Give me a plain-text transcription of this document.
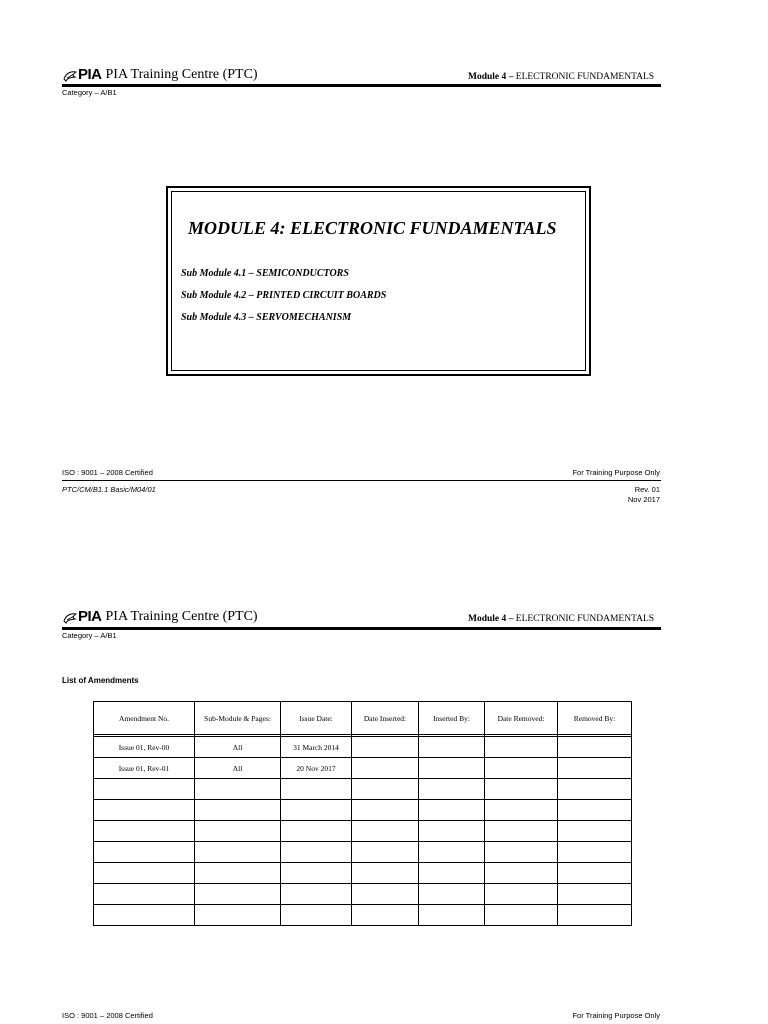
PIA PIA Training Centre (PTC)	Module 4 – ELECTRONIC FUNDAMENTALS
Category – A/B1
MODULE 4: ELECTRONIC FUNDAMENTALS
Sub Module 4.1 – SEMICONDUCTORS
Sub Module 4.2 – PRINTED CIRCUIT BOARDS
Sub Module 4.3 – SERVOMECHANISM
ISO : 9001 – 2008 Certified	For Training Purpose Only
PTC/CM/B1.1 Basic/M04/01	Rev. 01
Nov 2017
PIA PIA Training Centre (PTC)	Module 4 – ELECTRONIC FUNDAMENTALS
Category – A/B1
List of Amendments
Amendment No.	Sub-Module & Pages:	Issue Date:	Date Inserted:	Inserted By:	Date Removed:	Removed By:

Issue 01, Rev-00	All	31 March 2014				
Issue 01, Rev-01	All	20 Nov 2017				

ISO : 9001 – 2008 Certified	For Training Purpose Only
